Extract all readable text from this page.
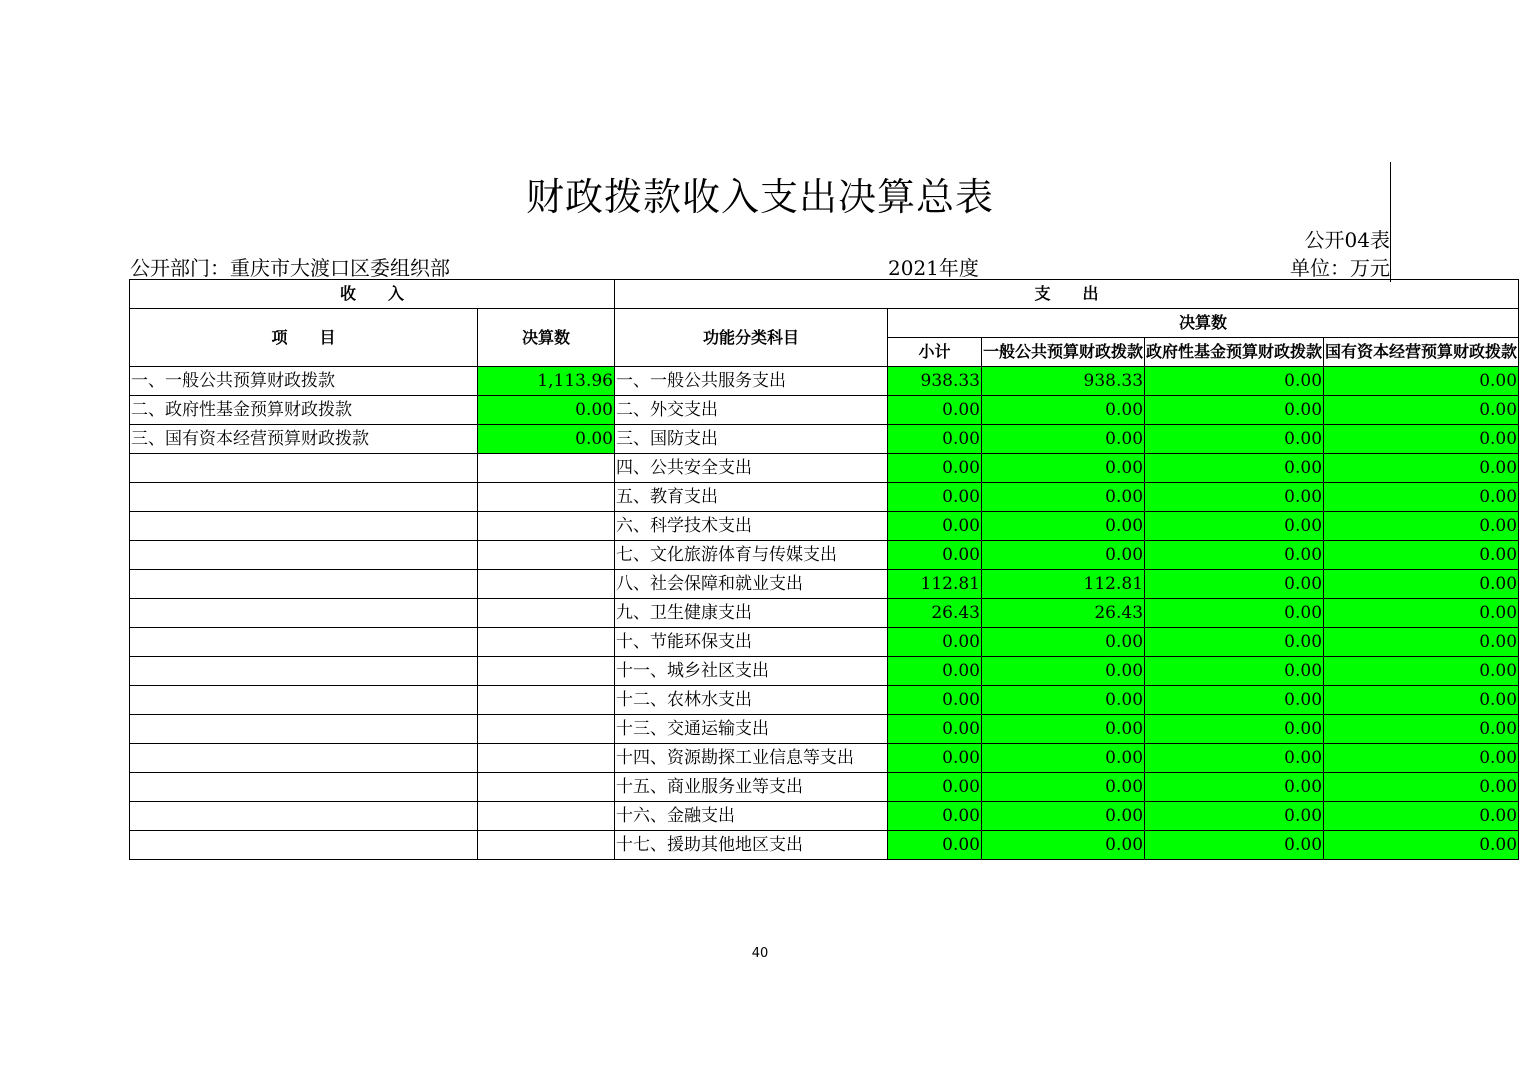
财政拨款收入支出决算总表
公开04表
公开部门：重庆市大渡口区委组织部	2021年度	单位：万元
收　　入		支　　出				
项　　目	决算数	功能分类科目	决算数			
			小计	一般公共预算财政拨款	政府性基金预算财政拨款	国有资本经营预算财政拨款

一、一般公共预算财政拨款	1,113.96	一、一般公共服务支出	938.33	938.33	0.00	0.00
二、政府性基金预算财政拨款	0.00	二、外交支出	0.00	0.00	0.00	0.00
三、国有资本经营预算财政拨款	0.00	三、国防支出	0.00	0.00	0.00	0.00
		四、公共安全支出	0.00	0.00	0.00	0.00
		五、教育支出	0.00	0.00	0.00	0.00
		六、科学技术支出	0.00	0.00	0.00	0.00
		七、文化旅游体育与传媒支出	0.00	0.00	0.00	0.00
		八、社会保障和就业支出	112.81	112.81	0.00	0.00
		九、卫生健康支出	26.43	26.43	0.00	0.00
		十、节能环保支出	0.00	0.00	0.00	0.00
		十一、城乡社区支出	0.00	0.00	0.00	0.00
		十二、农林水支出	0.00	0.00	0.00	0.00
		十三、交通运输支出	0.00	0.00	0.00	0.00
		十四、资源勘探工业信息等支出	0.00	0.00	0.00	0.00
		十五、商业服务业等支出	0.00	0.00	0.00	0.00
		十六、金融支出	0.00	0.00	0.00	0.00
		十七、援助其他地区支出	0.00	0.00	0.00	0.00
40
